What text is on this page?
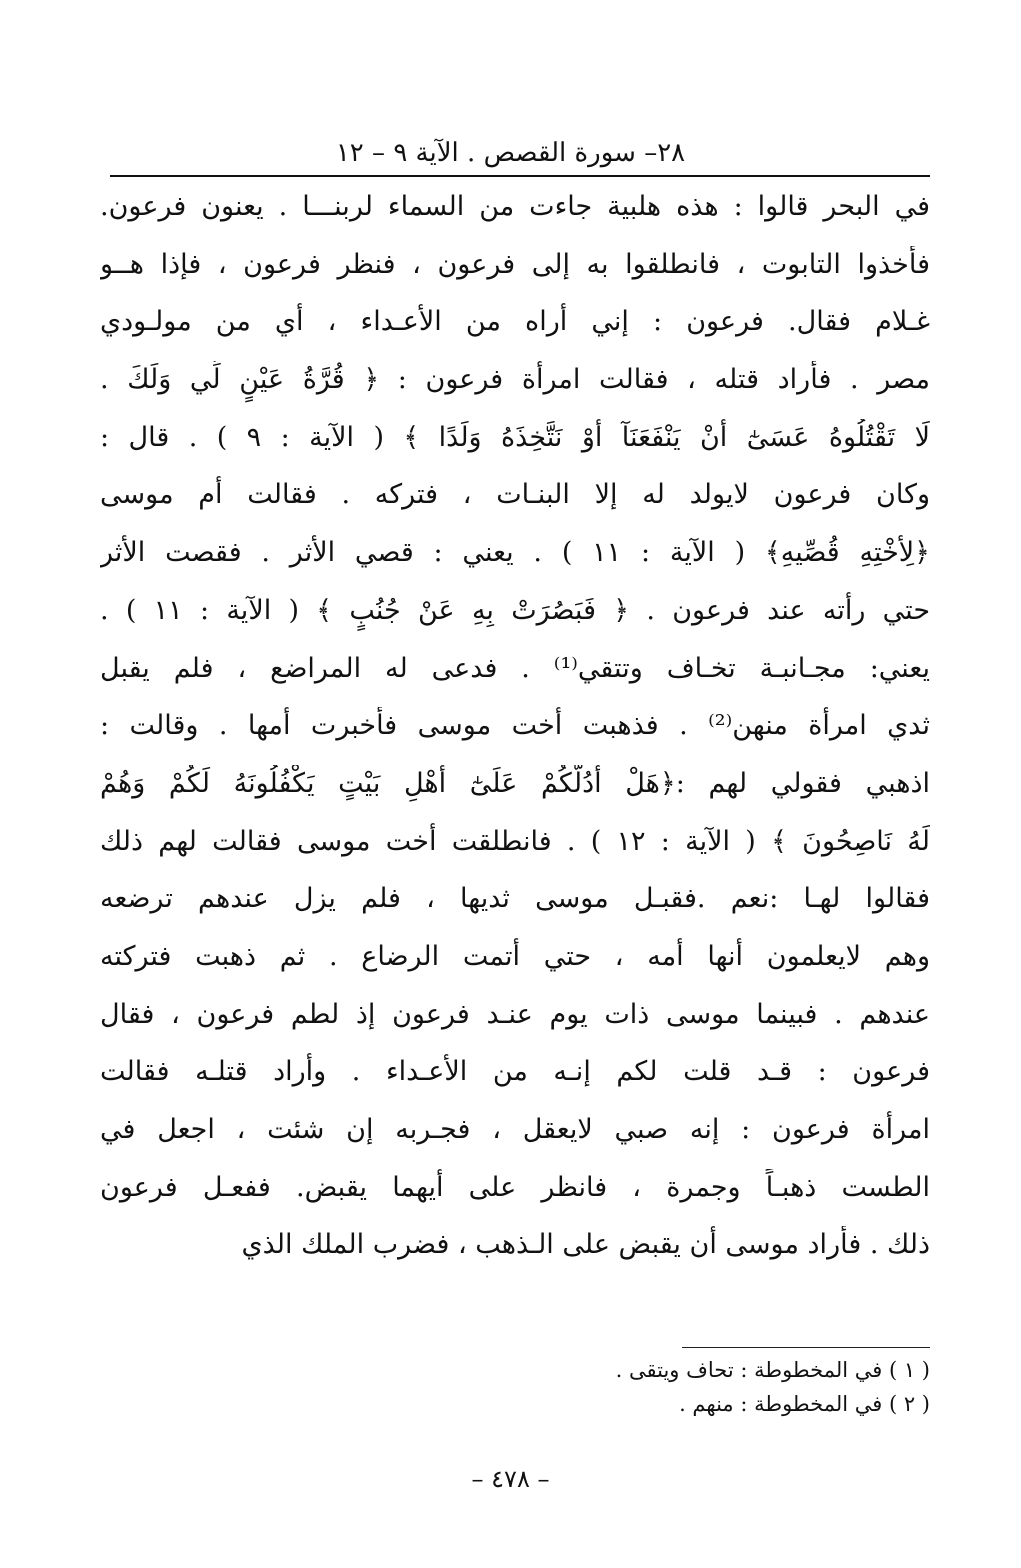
٢٨– سورة القصص . الآية ٩ – ١٢
في البحر قالوا : هذه هلبية جاءت من السماء لربنـــا . يعنون فرعون.
فأخذوا التابوت ، فانطلقوا به إلى فرعون ، فنظر فرعون ، فإذا هــو
غـلام فقال. فرعون : إني أراه من الأعـداء ، أي من مولـودي
مصر . فأراد قتله ، فقالت امرأة فرعون : ﴿ قُرَّةُ عَيْنٍ لِّي وَلَكَ .
لَا تَقْتُلُوهُ عَسَىٰٓ أَنْ يَنْفَعَنَآ أَوْ نَتَّخِذَهُ وَلَدًا ﴾ ( الآية : ٩ ) . قال :
وكان فرعون لايولد له إلا البنـات ، فتركه . فقالت أم موسى
﴿لِأُخْتِهِ قُصِّيهِ﴾ ( الآية : ١١ ) . يعني : قصي الأثر . فقصت الأثر
حتي رأته عند فرعون . ﴿ فَبَصُرَتْ بِهِ عَنْ جُنُبٍ ﴾ ( الآية : ١١ ) .
يعني: مجـانبـة تخـاف وتتقي⁽¹⁾ . فدعى له المراضع ، فلم يقبل
ثدي امرأة منهن⁽²⁾ . فذهبت أُخت موسى فأخبرت أُمها . وقالت :
اذهبي فقولي لهم :﴿هَلْ أَدُلُّكُمْ عَلَىٰٓ أَهْلِ بَيْتٍ يَكْفُلُونَهُ لَكُمْ وَهُمْ
لَهُ نَاصِحُونَ ﴾ ( الآية : ١٢ ) . فانطلقت أُخت موسى فقالت لهم ذلك
فقالوا لهـا :نعم .فقبـل موسى ثديها ، فلم يزل عندهم ترضعه
وهم لايعلمون أنها أمه ، حتي أتمت الرضاع . ثم ذهبت فتركته
عندهم . فبينما موسى ذات يوم عنـد فرعون إذ لطم فرعون ، فقال
فرعون : قـد قلت لكم إنـه من الأعـداء . وأراد قتلـه فقالت
امرأة فرعون : إنه صبي لايعقل ، فجـربه إن شئت ، اجعل في
الطست ذهبـاً وجمرة ، فانظر على أيهما يقبض. ففعـل فرعون
ذلك . فأراد موسى أن يقبض على الـذهب ، فضرب الملك الذي
( ١ ) في المخطوطة : تحاف ويتقى .
( ٢ ) في المخطوطة : منهم .
– ٤٧٨ –
